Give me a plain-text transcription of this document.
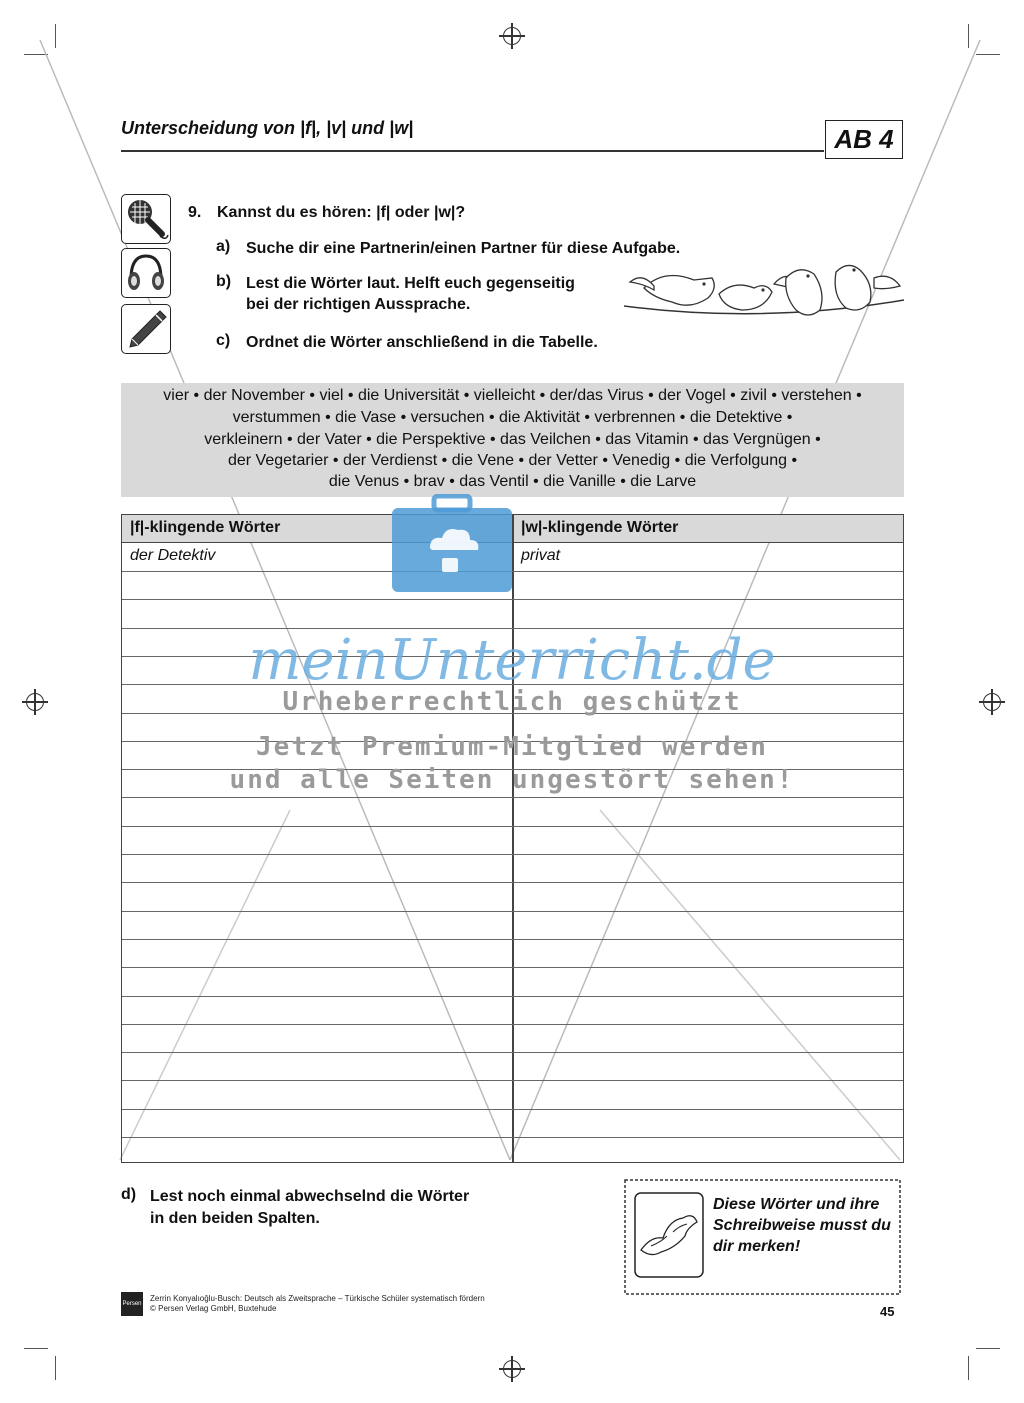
Unterscheidung von |f|, |v| und |w|	AB 4
9. Kannst du es hören: |f| oder |w|?
a) Suche dir eine Partnerin/einen Partner für diese Aufgabe.
b) Lest die Wörter laut. Helft euch gegenseitig
bei der richtigen Aussprache.
c) Ordnet die Wörter anschließend in die Tabelle.
vier • der November • viel • die Universität • vielleicht • der/das Virus • der Vogel • zivil • verstehen •
verstummen • die Vase • versuchen • die Aktivität • verbrennen • die Detektive •
verkleinern • der Vater • die Perspektive • das Veilchen • das Vitamin • das Vergnügen •
der Vegetarier • der Verdienst • die Vene • der Vetter • Venedig • die Verfolgung •
die Venus • brav • das Ventil • die Vanille • die Larve
|f|-klingende Wörter	|w|-klingende Wörter
der Detektiv	privat
d) Lest noch einmal abwechselnd die Wörter
in den beiden Spalten.
Diese Wörter und ihre
Schreibweise musst du
dir merken!
Persen
Zerrin Konyalıoğlu-Busch: Deutsch als Zweitsprache – Türkische Schüler systematisch fördern
© Persen Verlag GmbH, Buxtehude	45
meinUnterricht.de
Urheberrechtlich geschützt
Jetzt Premium-Mitglied werden
und alle Seiten ungestört sehen!
